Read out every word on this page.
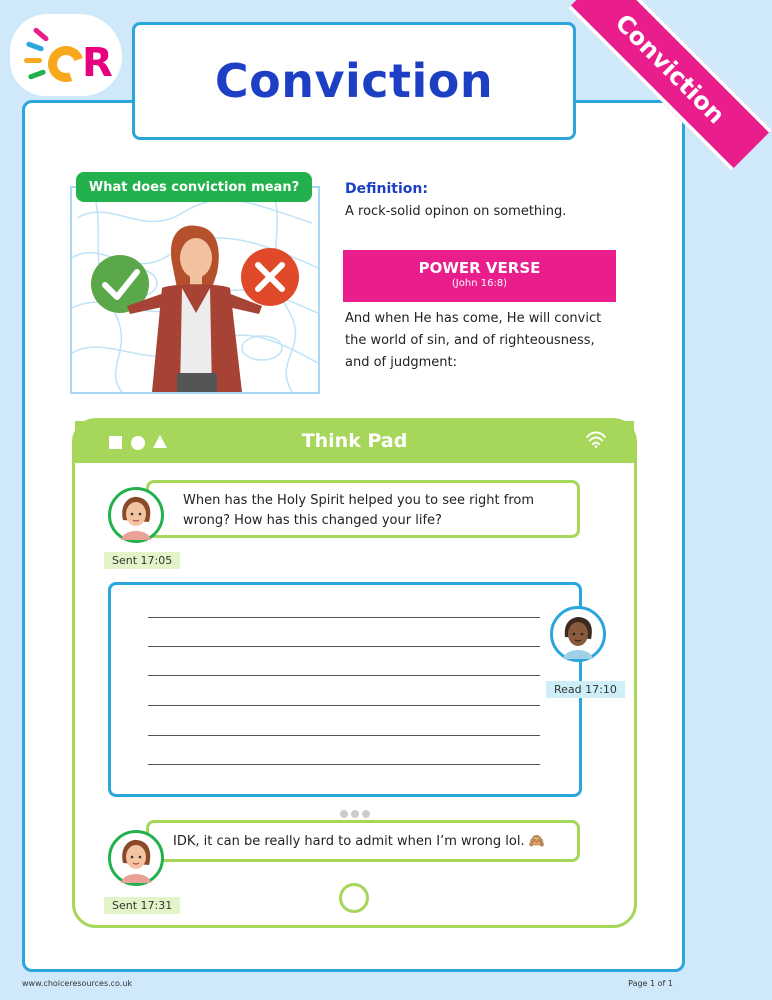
R Conviction	Conviction
What does conviction mean?	Definition:
A rock-solid opinon on something.
POWER VERSE
(John 16:8)
And when He has come, He will convict the world of sin, and of righteousness, and of judgment:
Think Pad
When has the Holy Spirit helped you to see right from wrong? How has this changed your life?
Sent 17:05
Read 17:10
IDK, it can be really hard to admit when I’m wrong lol. 🙈
Sent 17:31
www.choiceresources.co.uk	Page 1 of 1
